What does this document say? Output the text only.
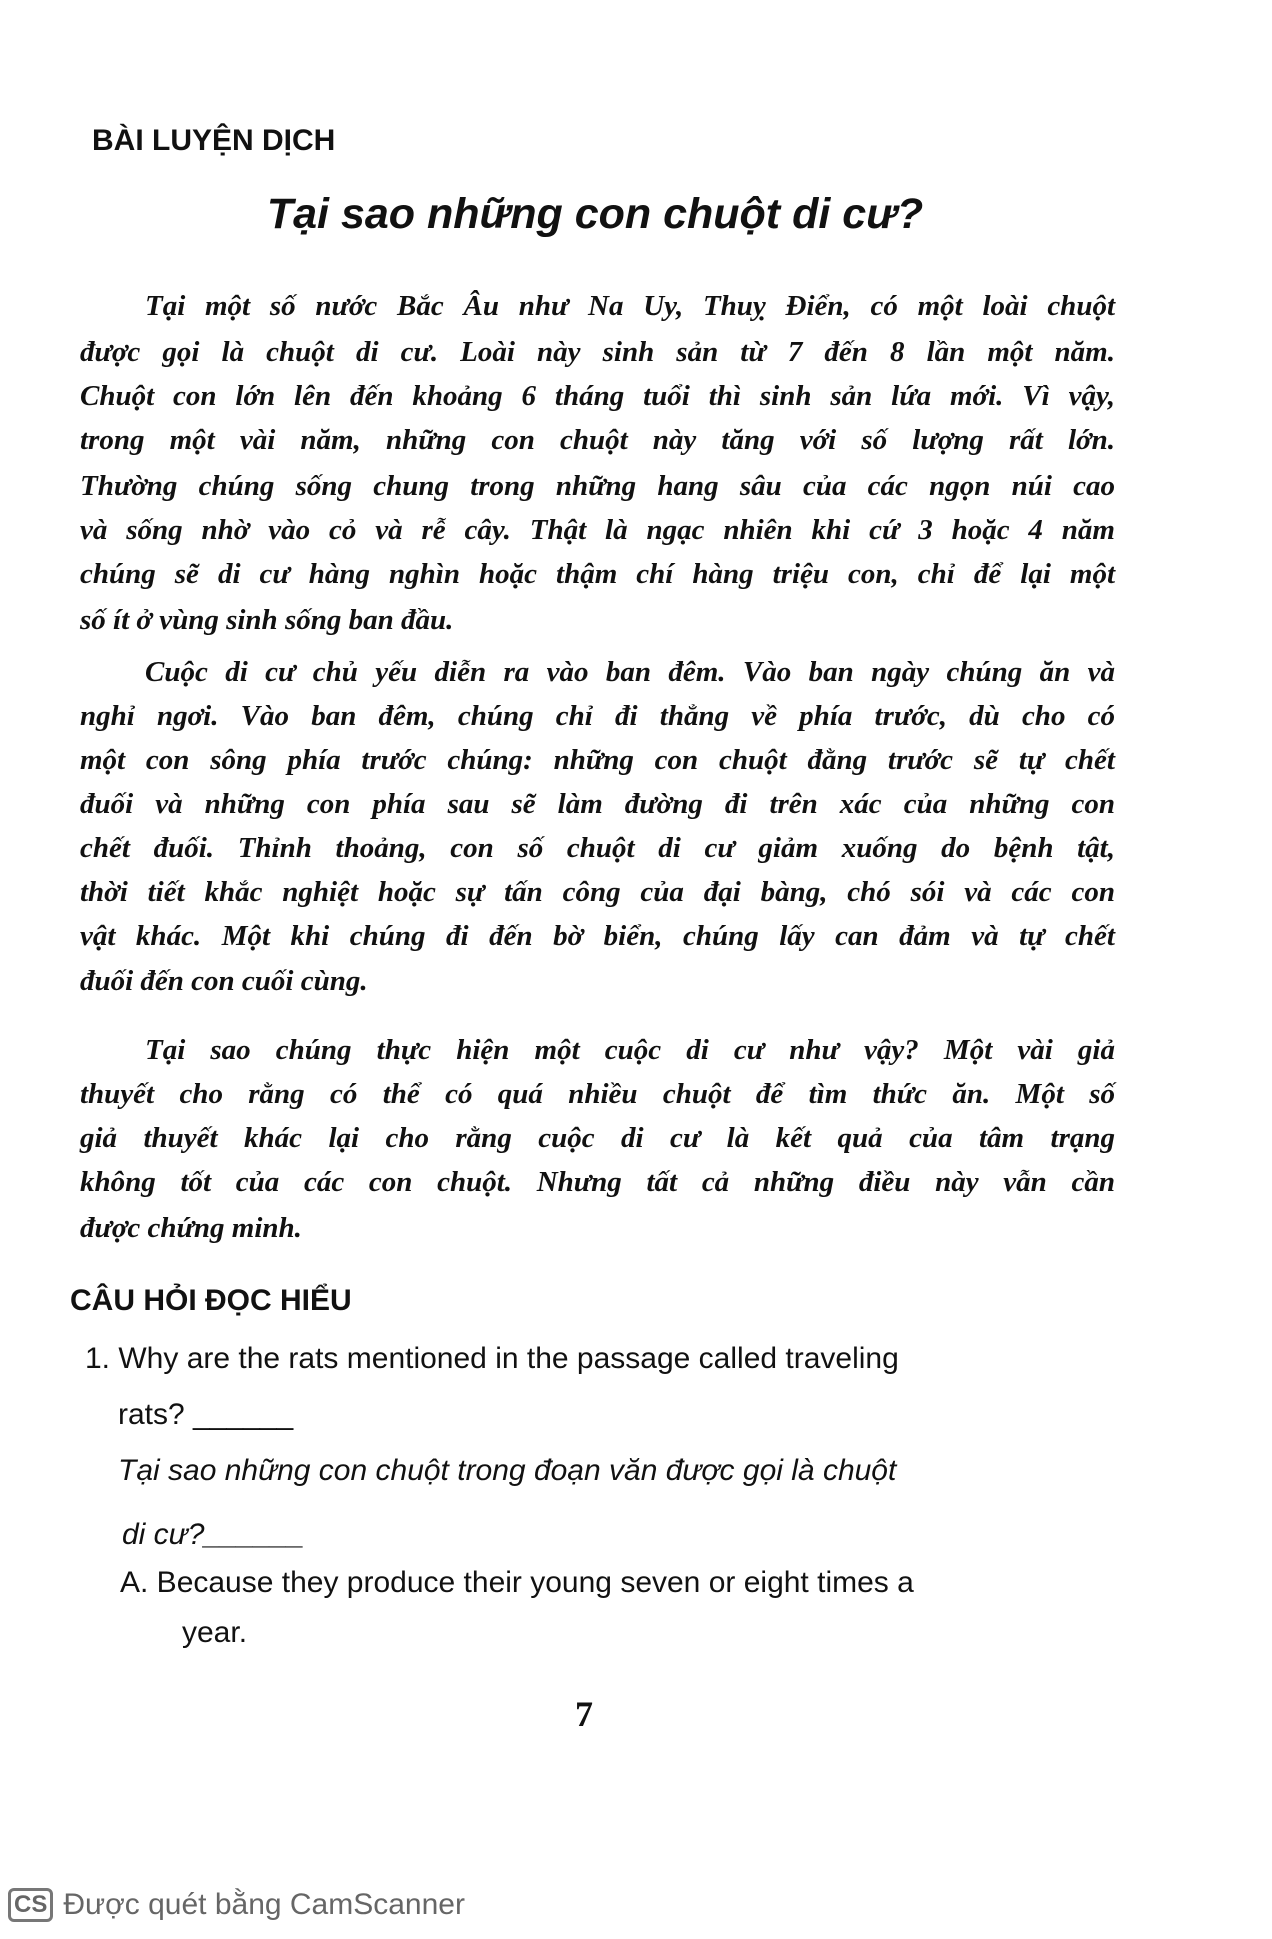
BÀI LUYỆN DỊCH
Tại sao những con chuột di cư?
Tại một số nước Bắc Âu như Na Uy, Thuỵ Điển, có một loài chuột
được gọi là chuột di cư. Loài này sinh sản từ 7 đến 8 lần một năm.
Chuột con lớn lên đến khoảng 6 tháng tuổi thì sinh sản lứa mới. Vì vậy,
trong một vài năm, những con chuột này tăng với số lượng rất lớn.
Thường chúng sống chung trong những hang sâu của các ngọn núi cao
và sống nhờ vào cỏ và rễ cây. Thật là ngạc nhiên khi cứ 3 hoặc 4 năm
chúng sẽ di cư hàng nghìn hoặc thậm chí hàng triệu con, chỉ để lại một
số ít ở vùng sinh sống ban đầu.
Cuộc di cư chủ yếu diễn ra vào ban đêm. Vào ban ngày chúng ăn và
nghỉ ngơi. Vào ban đêm, chúng chỉ đi thẳng về phía trước, dù cho có
một con sông phía trước chúng: những con chuột đằng trước sẽ tự chết
đuối và những con phía sau sẽ làm đường đi trên xác của những con
chết đuối. Thỉnh thoảng, con số chuột di cư giảm xuống do bệnh tật,
thời tiết khắc nghiệt hoặc sự tấn công của đại bàng, chó sói và các con
vật khác. Một khi chúng đi đến bờ biển, chúng lấy can đảm và tự chết
đuối đến con cuối cùng.
Tại sao chúng thực hiện một cuộc di cư như vậy? Một vài giả
thuyết cho rằng có thể có quá nhiều chuột để tìm thức ăn. Một số
giả thuyết khác lại cho rằng cuộc di cư là kết quả của tâm trạng
không tốt của các con chuột. Nhưng tất cả những điều này vẫn cần
được chứng minh.
CÂU HỎI ĐỌC HIỂU
1. Why are the rats mentioned in the passage called traveling
rats? ______
Tại sao những con chuột trong đoạn văn được gọi là chuột
di cư?______
A. Because they produce their young seven or eight times a
year.
7
CS Được quét bằng CamScanner
